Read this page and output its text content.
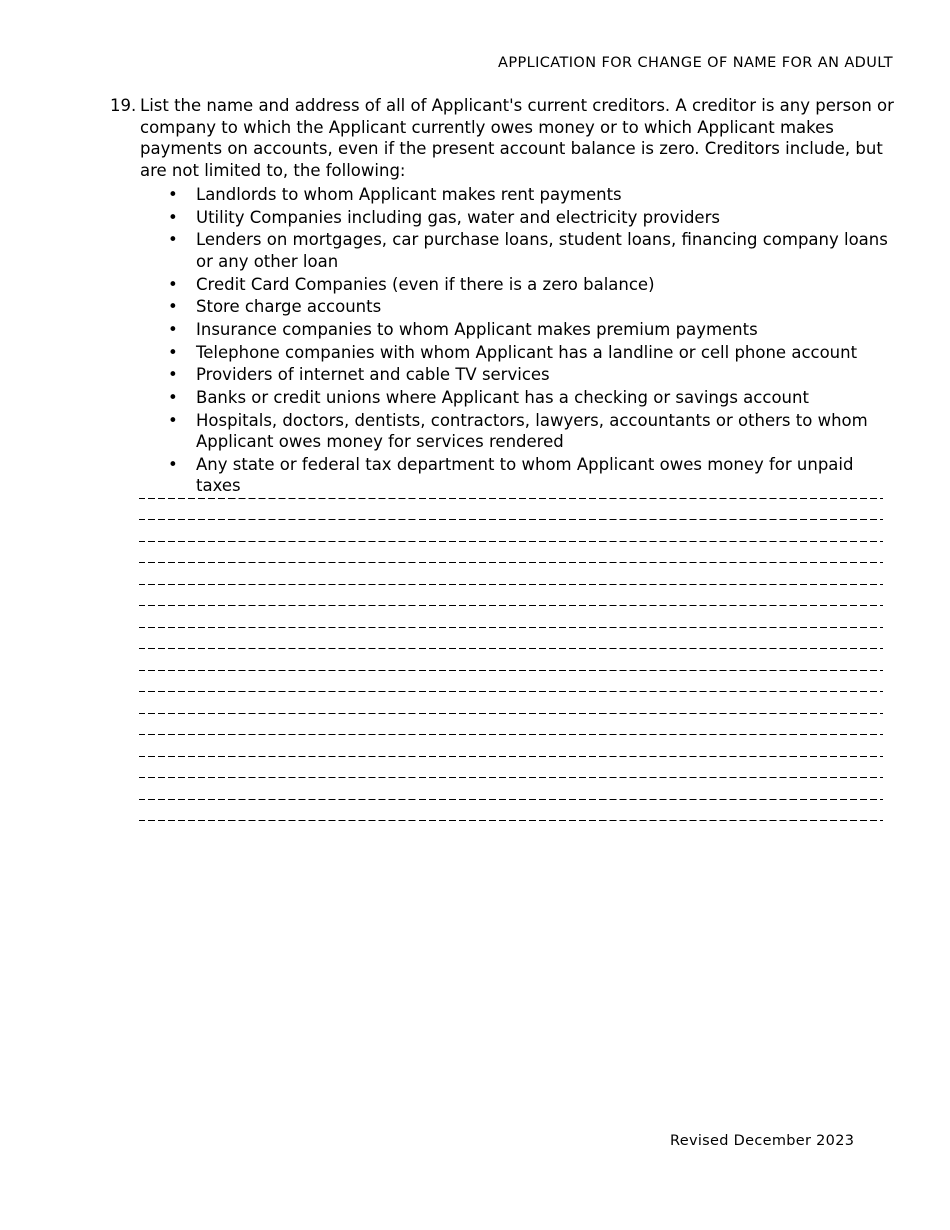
APPLICATION FOR CHANGE OF NAME FOR AN ADULT
19. List the name and address of all of Applicant's current creditors. A creditor is any person or company to which the Applicant currently owes money or to which Applicant makes payments on accounts, even if the present account balance is zero. Creditors include, but are not limited to, the following:
• Landlords to whom Applicant makes rent payments
• Utility Companies including gas, water and electricity providers
• Lenders on mortgages, car purchase loans, student loans, financing company loans or any other loan
• Credit Card Companies (even if there is a zero balance)
• Store charge accounts
• Insurance companies to whom Applicant makes premium payments
• Telephone companies with whom Applicant has a landline or cell phone account
• Providers of internet and cable TV services
• Banks or credit unions where Applicant has a checking or savings account
• Hospitals, doctors, dentists, contractors, lawyers, accountants or others to whom Applicant owes money for services rendered
• Any state or federal tax department to whom Applicant owes money for unpaid taxes
Revised December 2023
